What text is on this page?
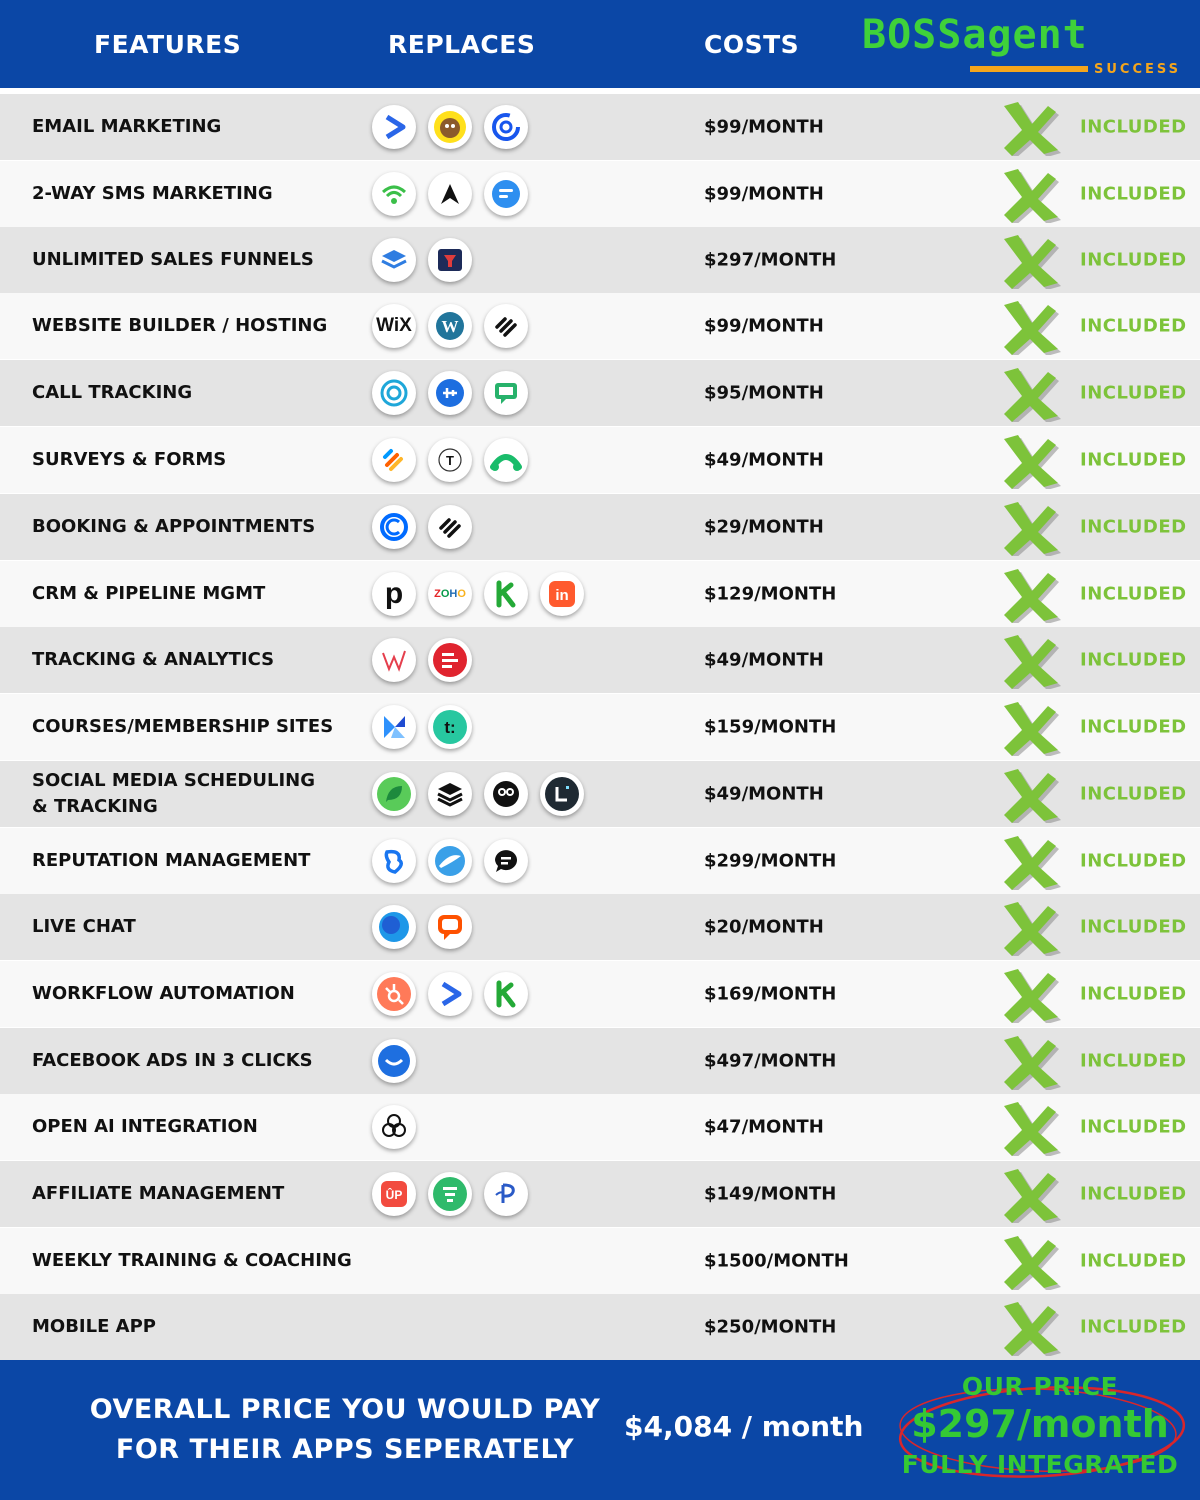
FEATURES	REPLACES	COSTS BOSSagent
SUCCESS
EMAIL MARKETING	$99/MONTH	INCLUDED
2-WAY SMS MARKETING	$99/MONTH	INCLUDED
UNLIMITED SALES FUNNELS	$297/MONTH	INCLUDED
WEBSITE BUILDER / HOSTING	WiX W	$99/MONTH	INCLUDED
CALL TRACKING	$95/MONTH	INCLUDED
SURVEYS & FORMS	T	$49/MONTH	INCLUDED
BOOKING & APPOINTMENTS	$29/MONTH	INCLUDED
CRM & PIPELINE MGMT	p	ZOHO	in	$129/MONTH	INCLUDED
TRACKING & ANALYTICS	$49/MONTH	INCLUDED
COURSES/MEMBERSHIP SITES	t:	$159/MONTH	INCLUDED
SOCIAL MEDIA SCHEDULING
& TRACKING
$49/MONTH	INCLUDED
REPUTATION MANAGEMENT	$299/MONTH	INCLUDED
LIVE CHAT	$20/MONTH	INCLUDED
WORKFLOW AUTOMATION	$169/MONTH	INCLUDED
FACEBOOK ADS IN 3 CLICKS	$497/MONTH	INCLUDED
OPEN AI INTEGRATION	$47/MONTH	INCLUDED
AFFILIATE MANAGEMENT	ÛP	$149/MONTH	INCLUDED
WEEKLY TRAINING & COACHING	$1500/MONTH	INCLUDED
MOBILE APP	$250/MONTH	INCLUDED
OVERALL PRICE YOU WOULD PAY
FOR THEIR APPS SEPERATELY
$4,084 / month
OUR PRICE
$297/month
FULLY INTEGRATED
